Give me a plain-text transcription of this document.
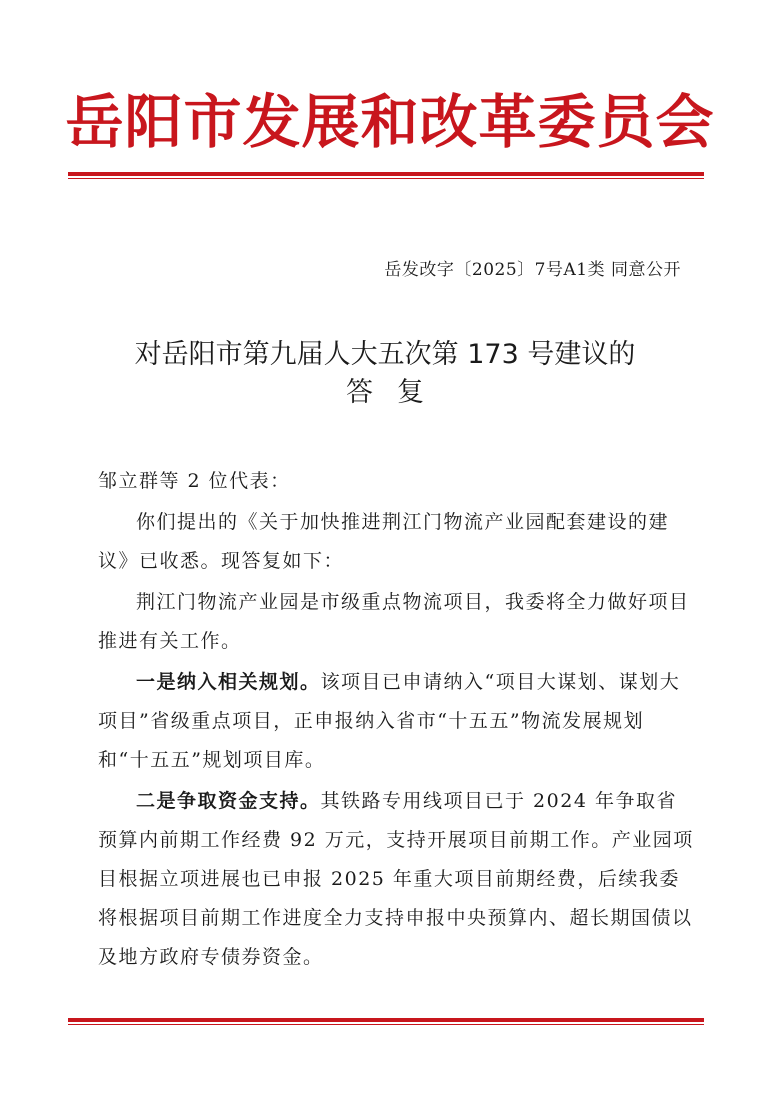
岳阳市发展和改革委员会
岳发改字〔2025〕7号A1类 同意公开
对岳阳市第九届人大五次第 173 号建议的
答复

邹立群等 2 位代表：

你们提出的《关于加快推进荆江门物流产业园配套建设的建议》已收悉。现答复如下：

荆江门物流产业园是市级重点物流项目，我委将全力做好项目推进有关工作。

一是纳入相关规划。该项目已申请纳入“项目大谋划、谋划大项目”省级重点项目，正申报纳入省市“十五五”物流发展规划和“十五五”规划项目库。

二是争取资金支持。其铁路专用线项目已于 2024 年争取省预算内前期工作经费 92 万元，支持开展项目前期工作。产业园项目根据立项进展也已申报 2025 年重大项目前期经费，后续我委将根据项目前期工作进度全力支持申报中央预算内、超长期国债以及地方政府专债券资金。
